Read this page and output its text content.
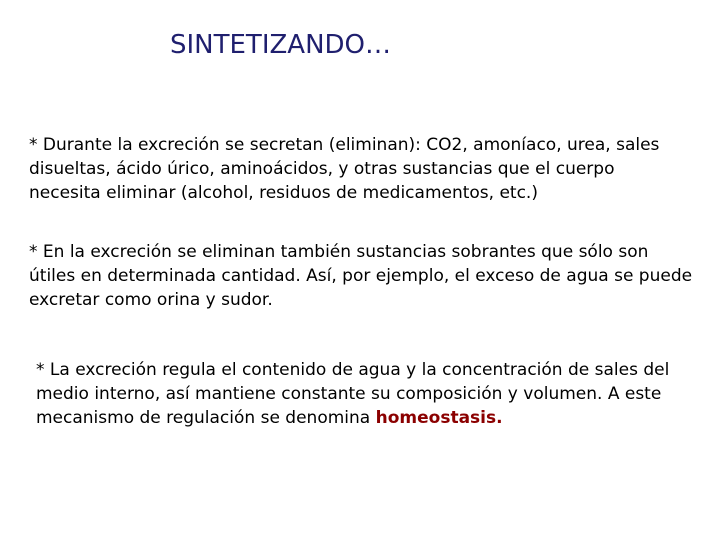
SINTETIZANDO…
* Durante la excreción se secretan (eliminan): CO2, amoníaco, urea, sales disueltas, ácido úrico, aminoácidos, y otras sustancias que el cuerpo necesita eliminar (alcohol, residuos de medicamentos, etc.)
* En la excreción se eliminan también sustancias sobrantes que sólo son útiles en determinada cantidad. Así, por ejemplo, el exceso de agua se puede excretar como orina y sudor.
* La excreción regula el contenido de agua y la concentración de sales del medio interno, así mantiene constante su composición y volumen. A este mecanismo de regulación se denomina homeostasis.
